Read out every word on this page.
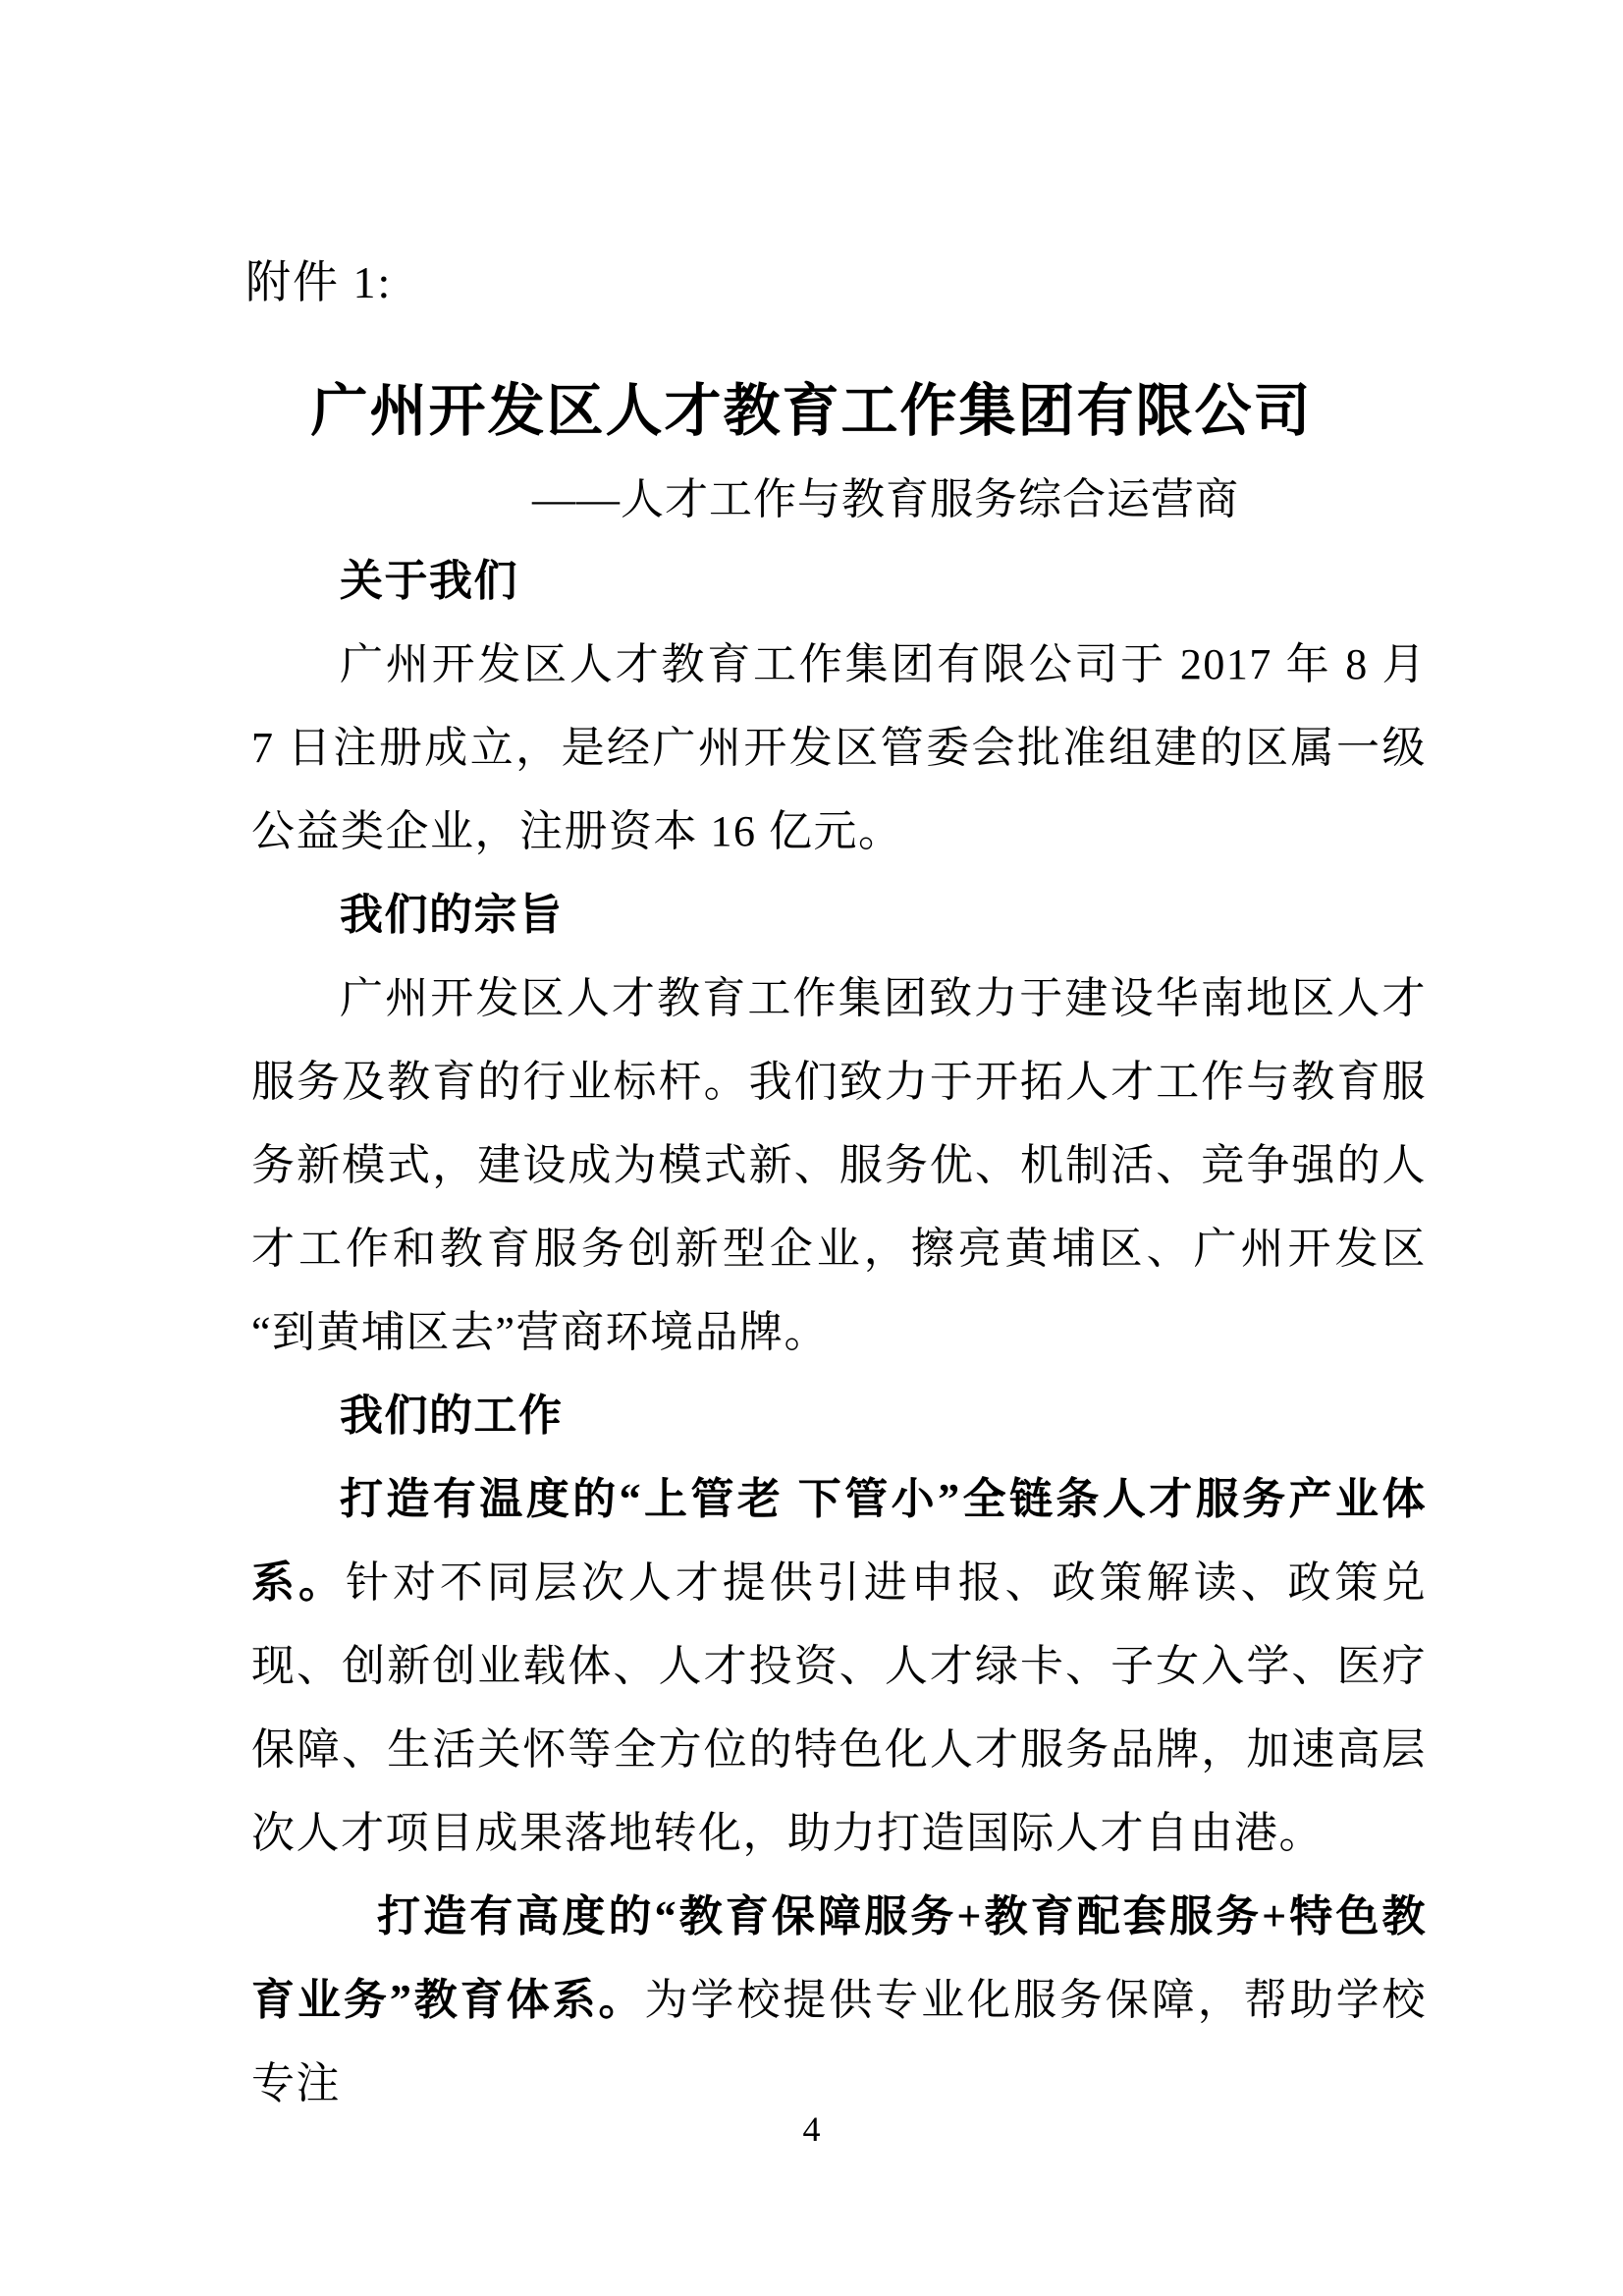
附件 1:
广州开发区人才教育工作集团有限公司
——人才工作与教育服务综合运营商
关于我们

广州开发区人才教育工作集团有限公司于 2017 年 8 月 7 日注册成立，是经广州开发区管委会批准组建的区属一级公益类企业，注册资本 16 亿元。

我们的宗旨

广州开发区人才教育工作集团致力于建设华南地区人才服务及教育的行业标杆。我们致力于开拓人才工作与教育服务新模式，建设成为模式新、服务优、机制活、竞争强的人才工作和教育服务创新型企业，擦亮黄埔区、广州开发区“到黄埔区去”营商环境品牌。

我们的工作

打造有温度的“上管老 下管小”全链条人才服务产业体系。针对不同层次人才提供引进申报、政策解读、政策兑现、创新创业载体、人才投资、人才绿卡、子女入学、医疗保障、生活关怀等全方位的特色化人才服务品牌，加速高层次人才项目成果落地转化，助力打造国际人才自由港。

打造有高度的“教育保障服务+教育配套服务+特色教育业务”教育体系。为学校提供专业化服务保障，帮助学校专注

4
